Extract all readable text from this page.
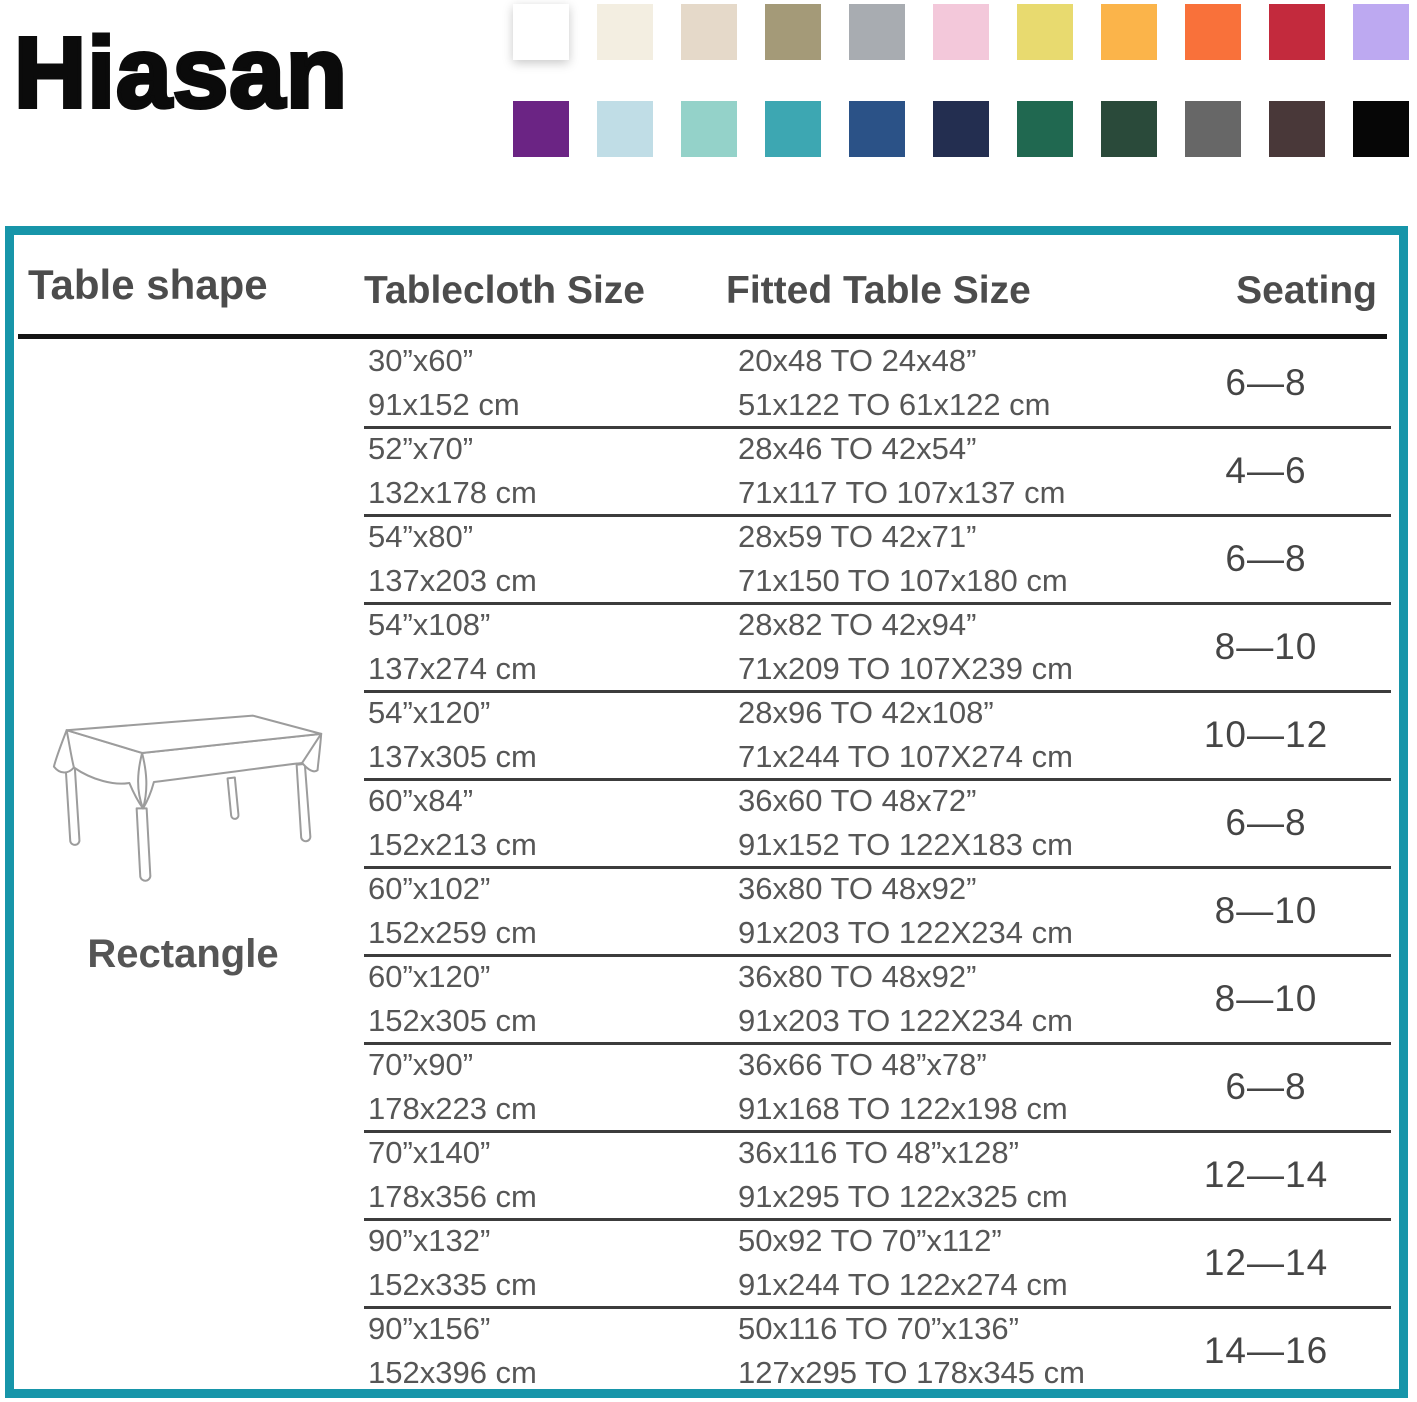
Hiasan
Table shape Tablecloth Size Fitted Table Size	Seating
Rectangle
30”x60”
91x152 cm
20x48 TO 24x48”
51x122 TO 61x122 cm
6—8
52”x70”
132x178 cm
28x46 TO 42x54”
71x117 TO 107x137 cm
4—6
54”x80”
137x203 cm
28x59 TO 42x71”
71x150 TO 107x180 cm
6—8
54”x108”
137x274 cm
28x82 TO 42x94”
71x209 TO 107X239 cm
8—10
54”x120”
137x305 cm
28x96 TO 42x108”
71x244 TO 107X274 cm
10—12
60”x84”
152x213 cm
36x60 TO 48x72”
91x152 TO 122X183 cm
6—8
60”x102”
152x259 cm
36x80 TO 48x92”
91x203 TO 122X234 cm
8—10
60”x120”
152x305 cm
36x80 TO 48x92”
91x203 TO 122X234 cm
8—10
70”x90”
178x223 cm
36x66 TO 48”x78”
91x168 TO 122x198 cm
6—8
70”x140”
178x356 cm
36x116 TO 48”x128”
91x295 TO 122x325 cm
12—14
90”x132”
152x335 cm
50x92 TO 70”x112”
91x244 TO 122x274 cm
12—14
90”x156”
152x396 cm
50x116 TO 70”x136”
127x295 TO 178x345 cm
14—16
